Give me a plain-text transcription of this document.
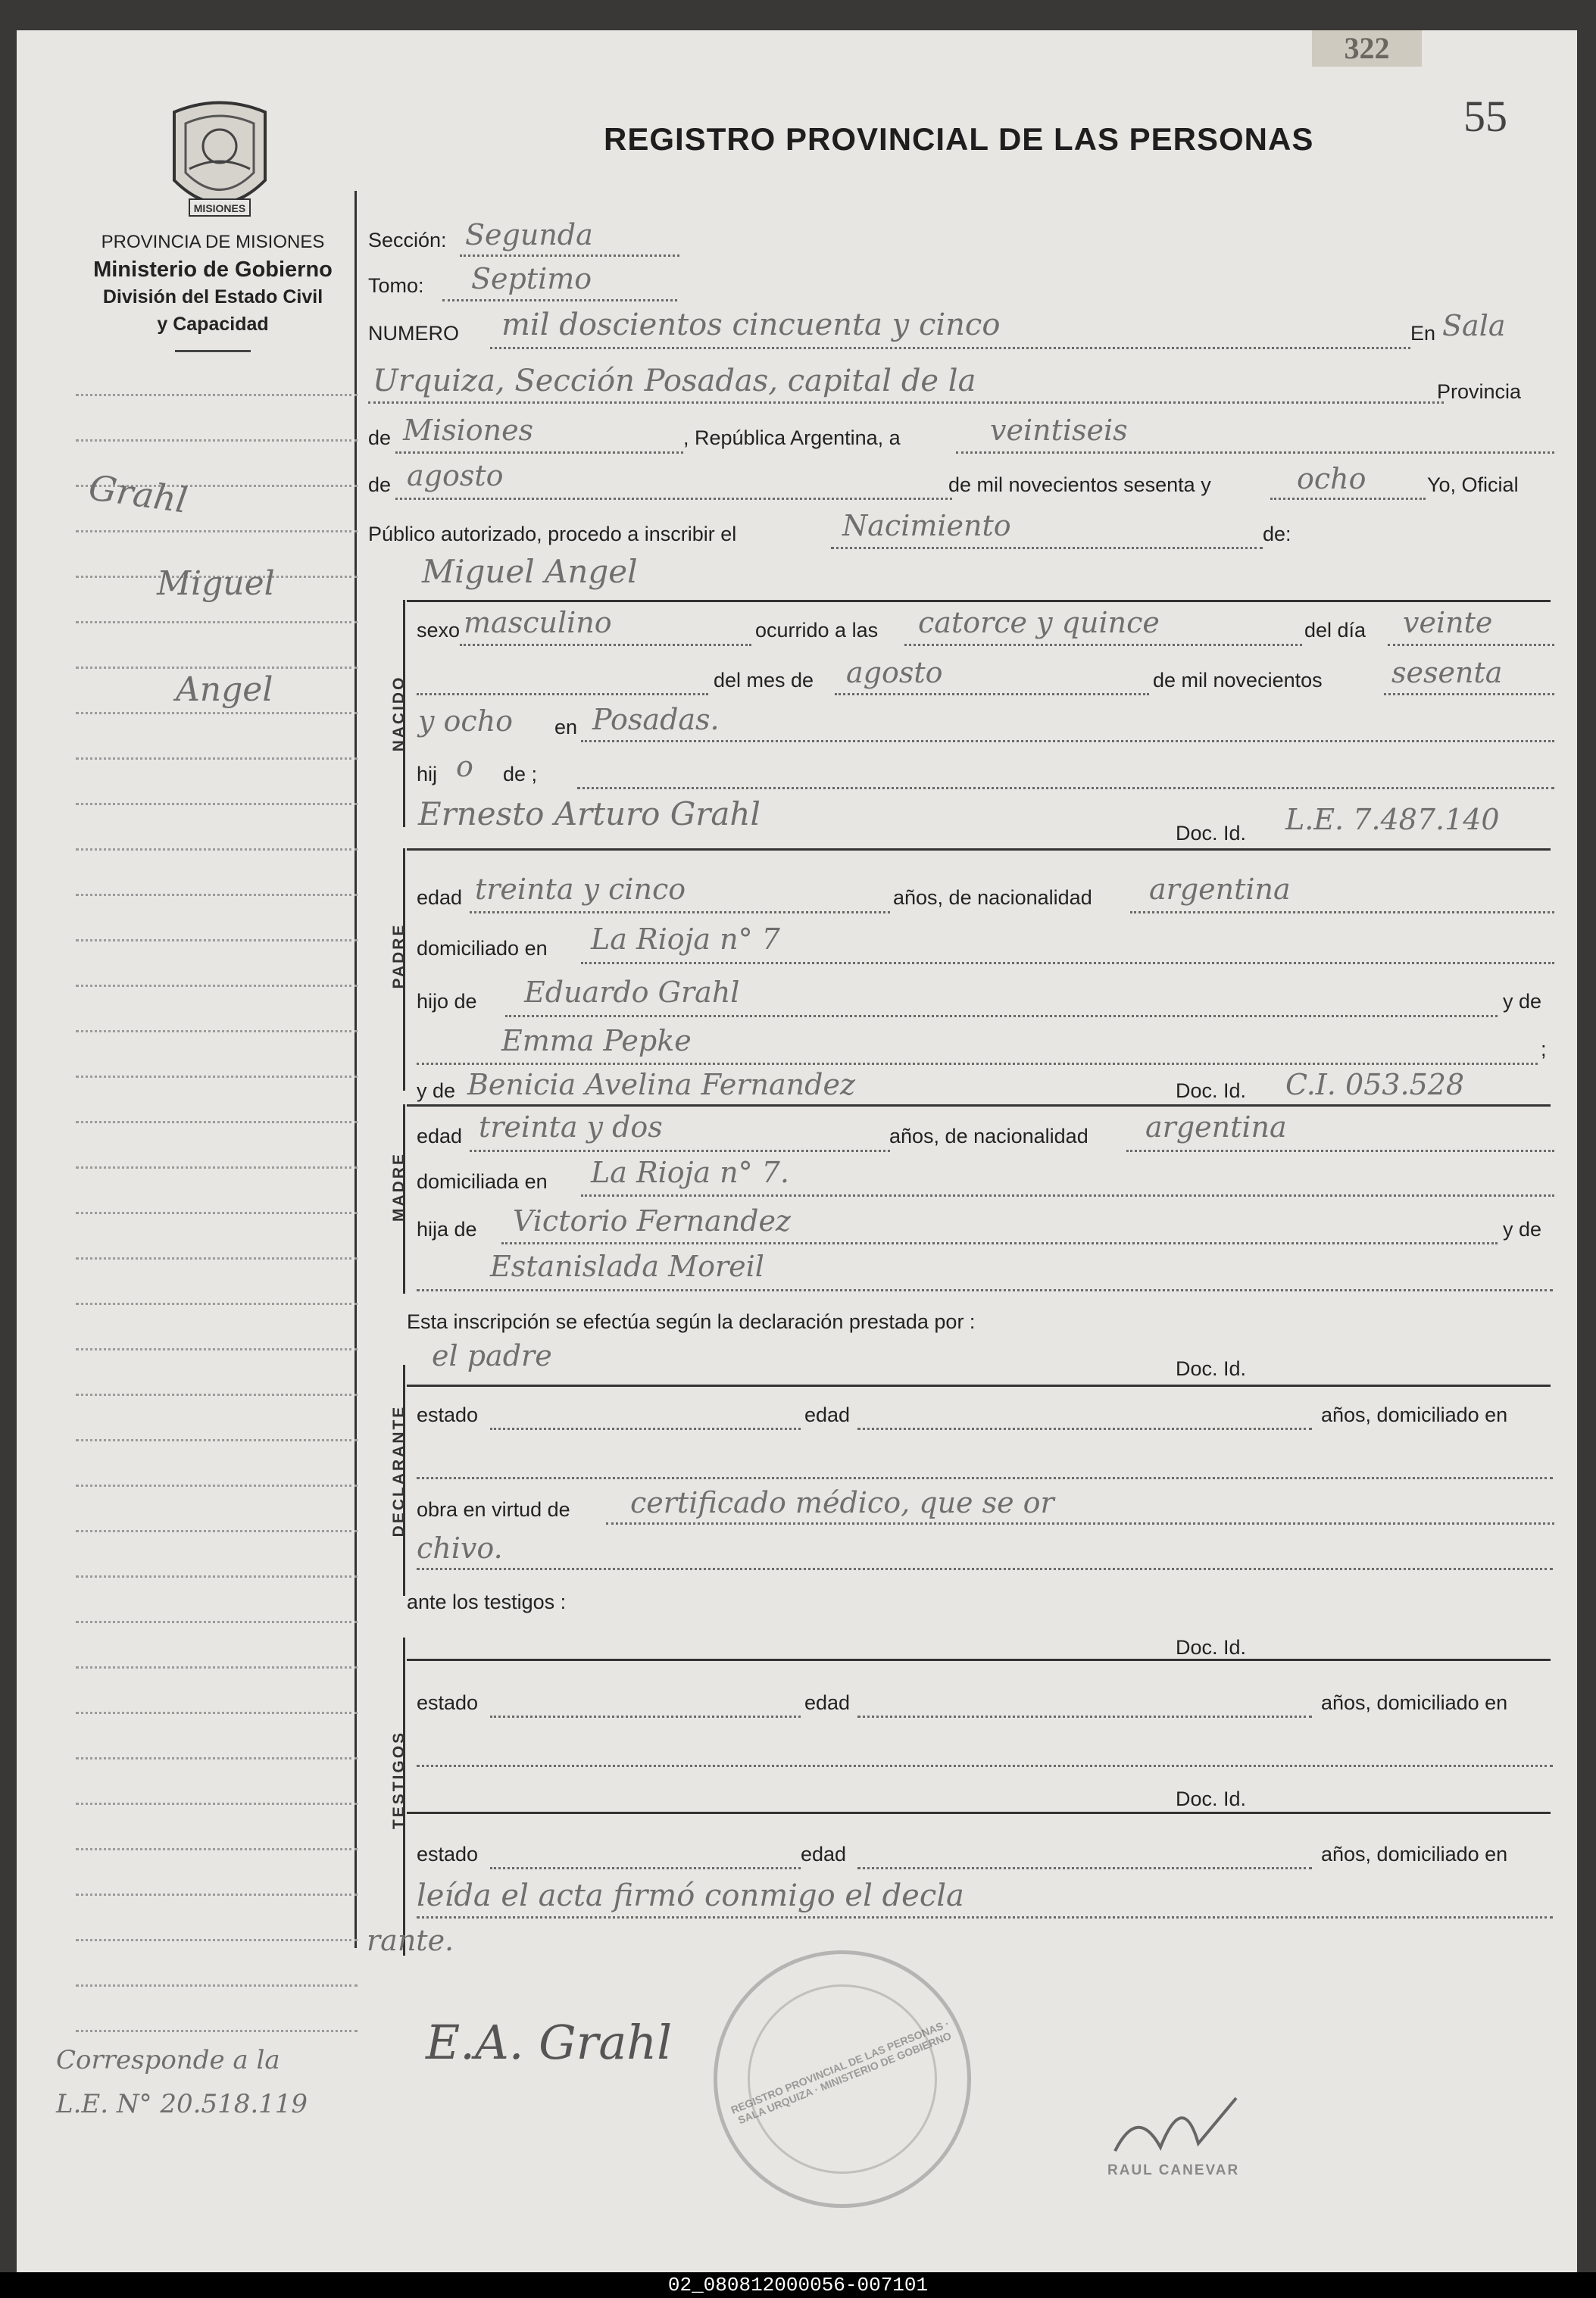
322
MISIONES
PROVINCIA DE MISIONES
Ministerio de Gobierno
División del Estado Civil
y Capacidad
REGISTRO PROVINCIAL DE LAS PERSONAS	55
Grahl
Miguel
Angel
Corresponde a la
L.E. N° 20.518.119
Sección: Segunda
Tomo: Septimo
NUMERO mil doscientos cincuenta y cinco	En Sala
Urquiza, Sección Posadas, capital de la	Provincia
de Misiones	, República Argentina, a	veintiseis
de agosto	de mil novecientos sesenta y	ocho	Yo, Oficial
Público autorizado, procedo a inscribir el	Nacimiento	de:
Miguel Angel
NACIDO
sexo masculino	ocurrido a las catorce y quince	del día veinte
del mes de agosto	de mil novecientos sesenta
y ocho en Posadas.
hij o de ;
Ernesto Arturo Grahl
Doc. Id. L.E. 7.487.140
PADRE
edad treinta y cinco	años, de nacionalidad argentina
domiciliado en La Rioja n° 7
hijo de Eduardo Grahl	y de
Emma Pepke	;
y de Benicia Avelina Fernandez	Doc. Id. C.I. 053.528
MADRE
edad treinta y dos	años, de nacionalidad argentina
domiciliada en La Rioja n° 7.
hija de Victorio Fernandez	y de
Estanislada Moreil
Esta inscripción se efectúa según la declaración prestada por :
el padre	Doc. Id.
DECLARANTE estado	edad	años, domiciliado en
obra en virtud de certificado médico, que se or
chivo.
ante los testigos :
Doc. Id.
TESTIGOS
estado	edad	años, domiciliado en
Doc. Id.
estado	edad	años, domiciliado en
leída el acta firmó conmigo el decla
rante.
REGISTRO PROVINCIAL DE LAS PERSONAS · SALA URQUIZA · MINISTERIO DE GOBIERNO
E.A. Grahl
RAUL CANEVAR
02_080812000056-007101
